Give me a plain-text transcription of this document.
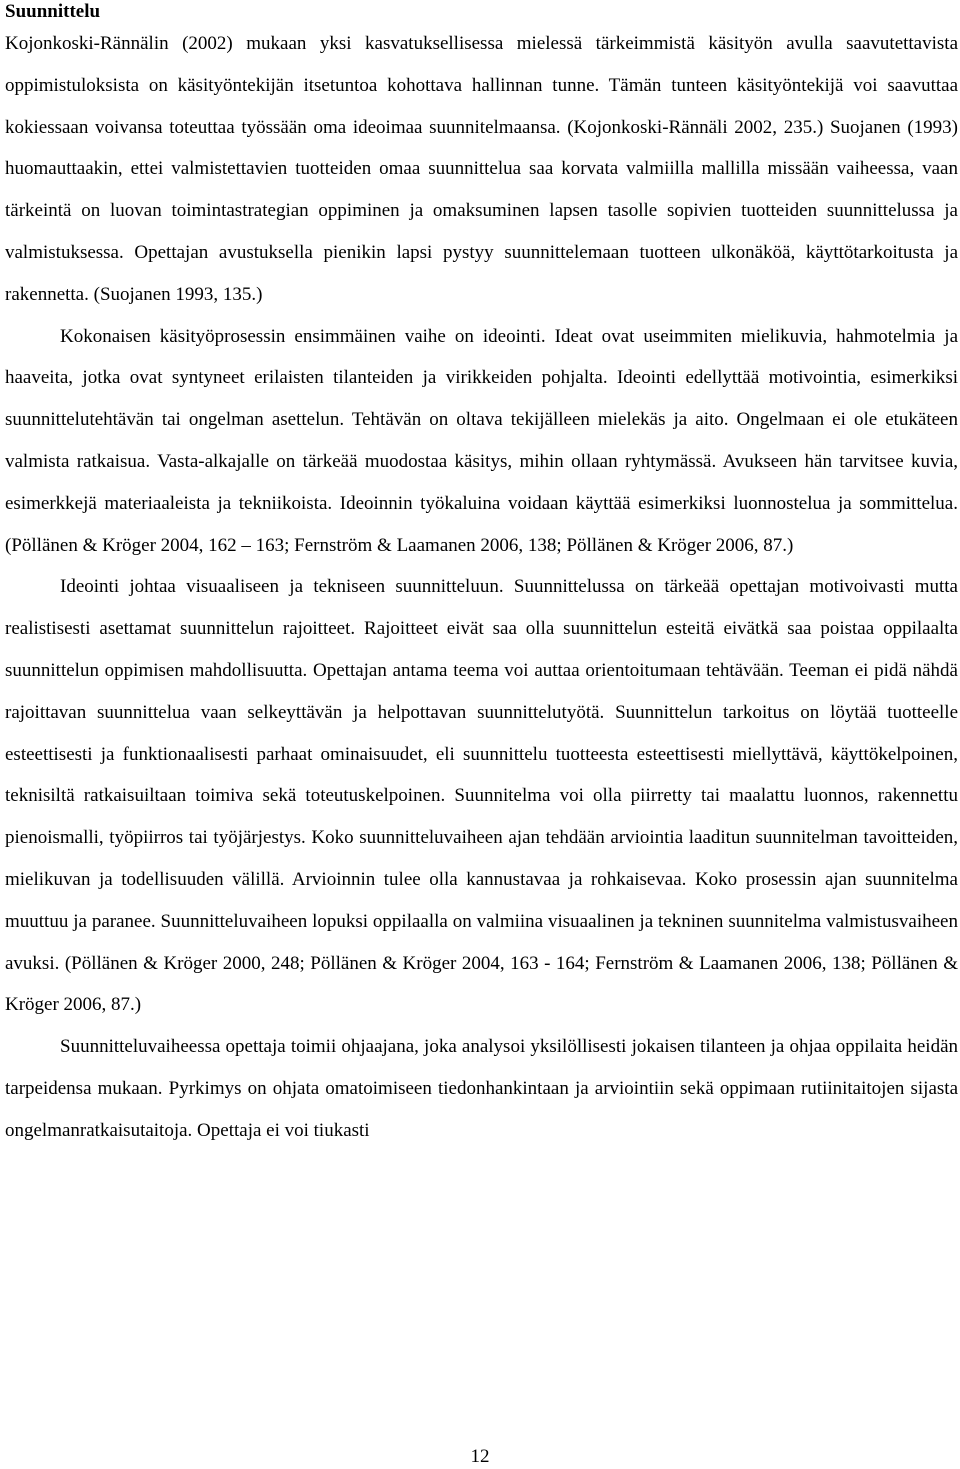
Suunnittelu

Kojonkoski-Rännälin (2002) mukaan yksi kasvatuksellisessa mielessä tärkeimmistä käsityön avulla saavutettavista oppimistuloksista on käsityöntekijän itsetuntoa kohottava hallinnan tunne. Tämän tunteen käsityöntekijä voi saavuttaa kokiessaan voivansa toteuttaa työssään oma ideoimaa suunnitelmaansa. (Kojonkoski-Rännäli 2002, 235.) Suojanen (1993) huomauttaakin, ettei valmistettavien tuotteiden omaa suunnittelua saa korvata valmiilla mallilla missään vaiheessa, vaan tärkeintä on luovan toimintastrategian oppiminen ja omaksuminen lapsen tasolle sopivien tuotteiden suunnittelussa ja valmistuksessa. Opettajan avustuksella pienikin lapsi pystyy suunnittelemaan tuotteen ulkonäköä, käyttötarkoitusta ja rakennetta. (Suojanen 1993, 135.)

Kokonaisen käsityöprosessin ensimmäinen vaihe on ideointi. Ideat ovat useimmiten mielikuvia, hahmotelmia ja haaveita, jotka ovat syntyneet erilaisten tilanteiden ja virikkeiden pohjalta. Ideointi edellyttää motivointia, esimerkiksi suunnittelutehtävän tai ongelman asettelun. Tehtävän on oltava tekijälleen mielekäs ja aito. Ongelmaan ei ole etukäteen valmista ratkaisua. Vasta-alkajalle on tärkeää muodostaa käsitys, mihin ollaan ryhtymässä. Avukseen hän tarvitsee kuvia, esimerkkejä materiaaleista ja tekniikoista. Ideoinnin työkaluina voidaan käyttää esimerkiksi luonnostelua ja sommittelua. (Pöllänen & Kröger 2004, 162 – 163; Fernström & Laamanen 2006, 138; Pöllänen & Kröger 2006, 87.)

Ideointi johtaa visuaaliseen ja tekniseen suunnitteluun. Suunnittelussa on tärkeää opettajan motivoivasti mutta realistisesti asettamat suunnittelun rajoitteet. Rajoitteet eivät saa olla suunnittelun esteitä eivätkä saa poistaa oppilaalta suunnittelun oppimisen mahdollisuutta. Opettajan antama teema voi auttaa orientoitumaan tehtävään. Teeman ei pidä nähdä rajoittavan suunnittelua vaan selkeyttävän ja helpottavan suunnittelutyötä. Suunnittelun tarkoitus on löytää tuotteelle esteettisesti ja funktionaalisesti parhaat ominaisuudet, eli suunnittelu tuotteesta esteettisesti miellyttävä, käyttökelpoinen, teknisiltä ratkaisuiltaan toimiva sekä toteutuskelpoinen. Suunnitelma voi olla piirretty tai maalattu luonnos, rakennettu pienoismalli, työpiirros tai työjärjestys. Koko suunnitteluvaiheen ajan tehdään arviointia laaditun suunnitelman tavoitteiden, mielikuvan ja todellisuuden välillä. Arvioinnin tulee olla kannustavaa ja rohkaisevaa. Koko prosessin ajan suunnitelma muuttuu ja paranee. Suunnitteluvaiheen lopuksi oppilaalla on valmiina visuaalinen ja tekninen suunnitelma valmistusvaiheen avuksi. (Pöllänen & Kröger 2000, 248; Pöllänen & Kröger 2004, 163 - 164; Fernström & Laamanen 2006, 138; Pöllänen & Kröger 2006, 87.)

Suunnitteluvaiheessa opettaja toimii ohjaajana, joka analysoi yksilöllisesti jokaisen tilanteen ja ohjaa oppilaita heidän tarpeidensa mukaan. Pyrkimys on ohjata omatoimiseen tiedonhankintaan ja arviointiin sekä oppimaan rutiinitaitojen sijasta ongelmanratkaisutaitoja. Opettaja ei voi tiukasti

12
